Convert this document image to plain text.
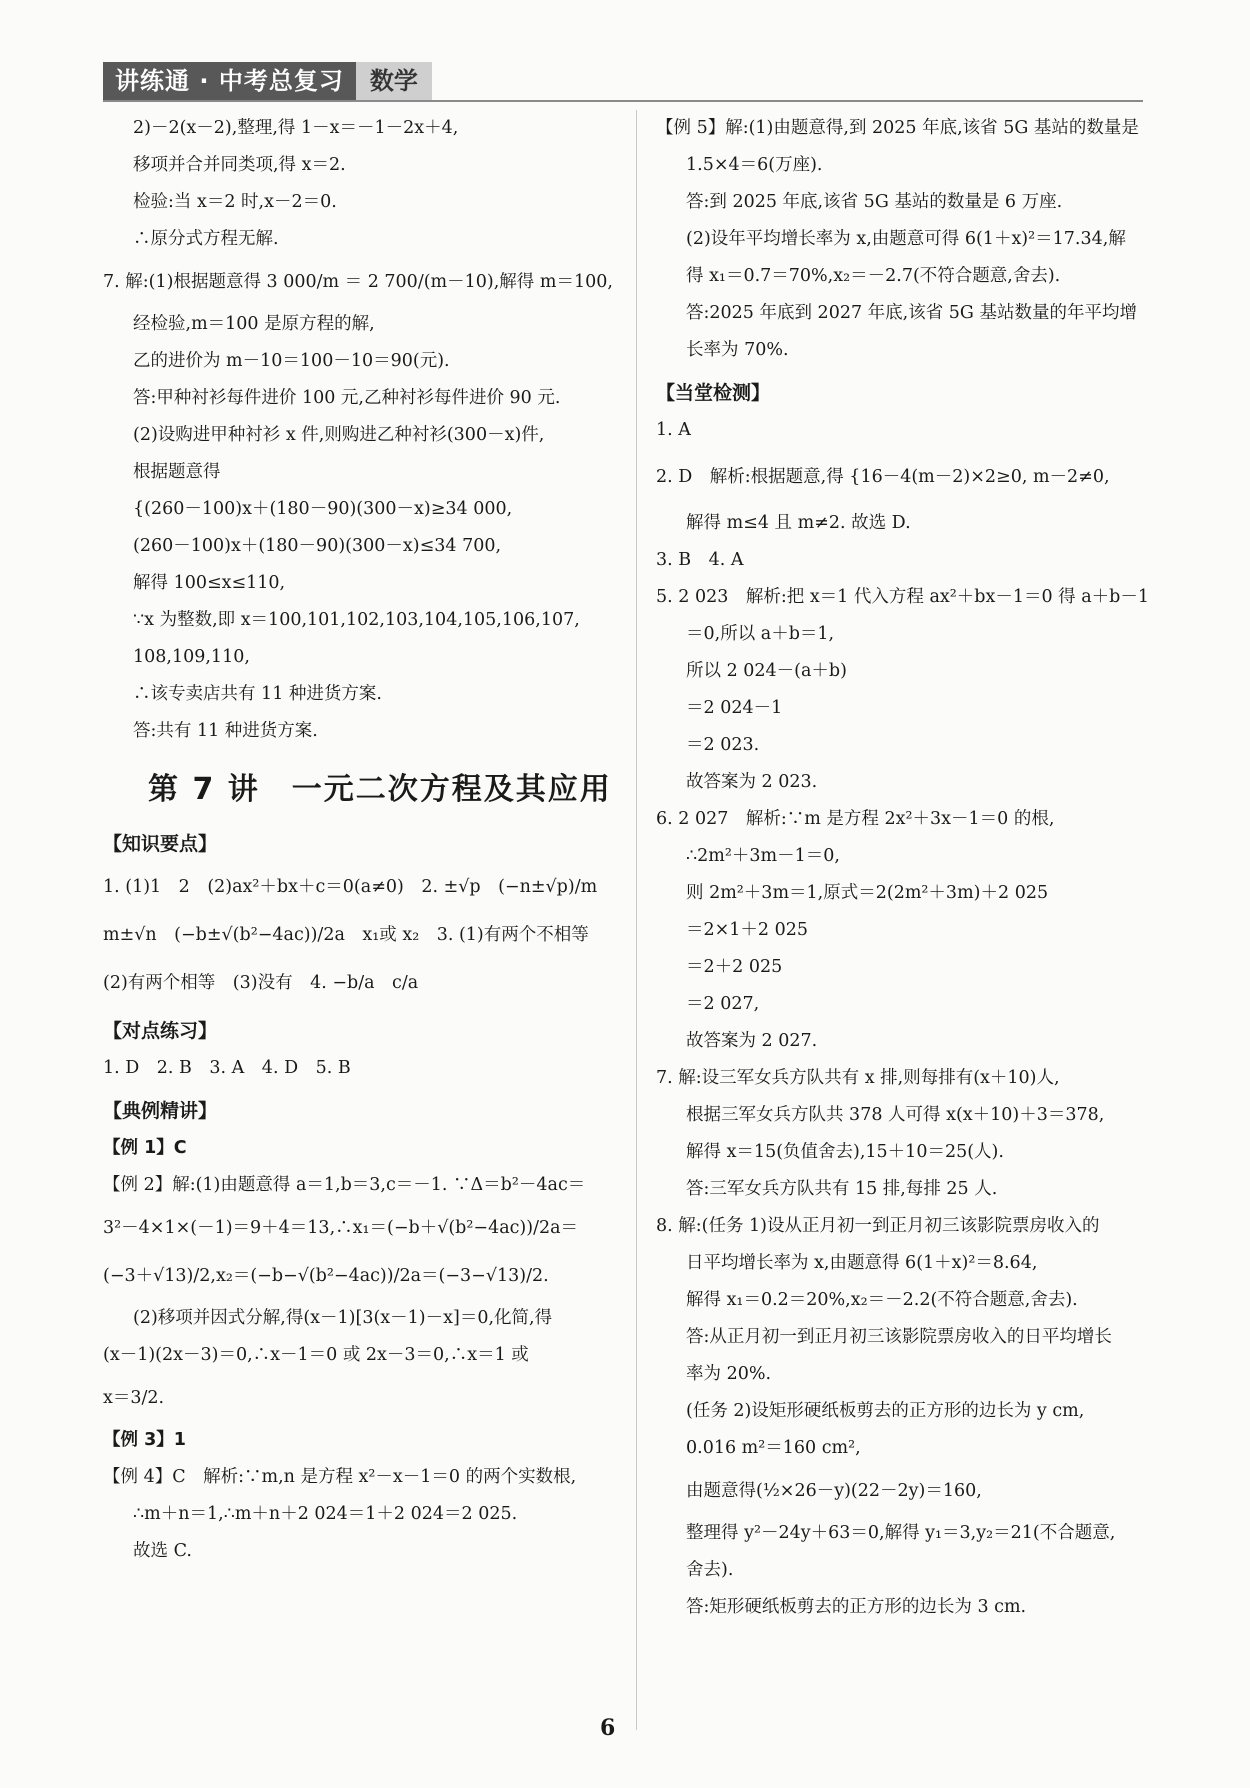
讲练通 · 中考总复习	数学
2)－2(x－2),整理,得 1－x＝－1－2x＋4,
移项并合并同类项,得 x＝2.
检验:当 x＝2 时,x－2＝0.
∴原分式方程无解.
7. 解:(1)根据题意得 3 000/m ＝ 2 700/(m－10),解得 m＝100,
经检验,m＝100 是原方程的解,
乙的进价为 m－10＝100－10＝90(元).
答:甲种衬衫每件进价 100 元,乙种衬衫每件进价 90 元.
(2)设购进甲种衬衫 x 件,则购进乙种衬衫(300－x)件,
根据题意得
{(260－100)x＋(180－90)(300－x)≥34 000,
(260－100)x＋(180－90)(300－x)≤34 700,
解得 100≤x≤110,
∵x 为整数,即 x＝100,101,102,103,104,105,106,107,
108,109,110,
∴该专卖店共有 11 种进货方案.
答:共有 11 种进货方案.
第 7 讲　一元二次方程及其应用
【知识要点】
1. (1)1　2　(2)ax²＋bx＋c＝0(a≠0)　2. ±√p　(−n±√p)/m
m±√n　(−b±√(b²−4ac))/2a　x₁或 x₂　3. (1)有两个不相等
(2)有两个相等　(3)没有　4. −b/a　c/a
【对点练习】
1. D　2. B　3. A　4. D　5. B
【典例精讲】
【例 1】C
【例 2】解:(1)由题意得 a＝1,b＝3,c＝－1. ∵Δ＝b²－4ac＝
3²－4×1×(－1)＝9＋4＝13,∴x₁＝(−b＋√(b²−4ac))/2a＝
(−3＋√13)/2,x₂＝(−b−√(b²−4ac))/2a＝(−3−√13)/2.
(2)移项并因式分解,得(x－1)[3(x－1)－x]＝0,化简,得
(x－1)(2x－3)＝0,∴x－1＝0 或 2x－3＝0,∴x＝1 或
x＝3/2.
【例 3】1
【例 4】C　解析:∵m,n 是方程 x²－x－1＝0 的两个实数根,
∴m＋n＝1,∴m＋n＋2 024＝1＋2 024＝2 025.
故选 C.
【例 5】解:(1)由题意得,到 2025 年底,该省 5G 基站的数量是
1.5×4＝6(万座).
答:到 2025 年底,该省 5G 基站的数量是 6 万座.
(2)设年平均增长率为 x,由题意可得 6(1＋x)²＝17.34,解
得 x₁＝0.7＝70%,x₂＝－2.7(不符合题意,舍去).
答:2025 年底到 2027 年底,该省 5G 基站数量的年平均增
长率为 70%.
【当堂检测】
1. A
2. D　解析:根据题意,得 {16－4(m－2)×2≥0, m－2≠0,
解得 m≤4 且 m≠2. 故选 D.
3. B　4. A
5. 2 023　解析:把 x＝1 代入方程 ax²＋bx－1＝0 得 a＋b－1
＝0,所以 a＋b＝1,
所以 2 024－(a＋b)
＝2 024－1
＝2 023.
故答案为 2 023.
6. 2 027　解析:∵m 是方程 2x²＋3x－1＝0 的根,
∴2m²＋3m－1＝0,
则 2m²＋3m＝1,原式＝2(2m²＋3m)＋2 025
＝2×1＋2 025
＝2＋2 025
＝2 027,
故答案为 2 027.
7. 解:设三军女兵方队共有 x 排,则每排有(x＋10)人,
根据三军女兵方队共 378 人可得 x(x＋10)＋3＝378,
解得 x＝15(负值舍去),15＋10＝25(人).
答:三军女兵方队共有 15 排,每排 25 人.
8. 解:(任务 1)设从正月初一到正月初三该影院票房收入的
日平均增长率为 x,由题意得 6(1＋x)²＝8.64,
解得 x₁＝0.2＝20%,x₂＝－2.2(不符合题意,舍去).
答:从正月初一到正月初三该影院票房收入的日平均增长
率为 20%.
(任务 2)设矩形硬纸板剪去的正方形的边长为 y cm,
0.016 m²＝160 cm²,
由题意得(½×26－y)(22－2y)＝160,
整理得 y²－24y＋63＝0,解得 y₁＝3,y₂＝21(不合题意,
舍去).
答:矩形硬纸板剪去的正方形的边长为 3 cm.
6
